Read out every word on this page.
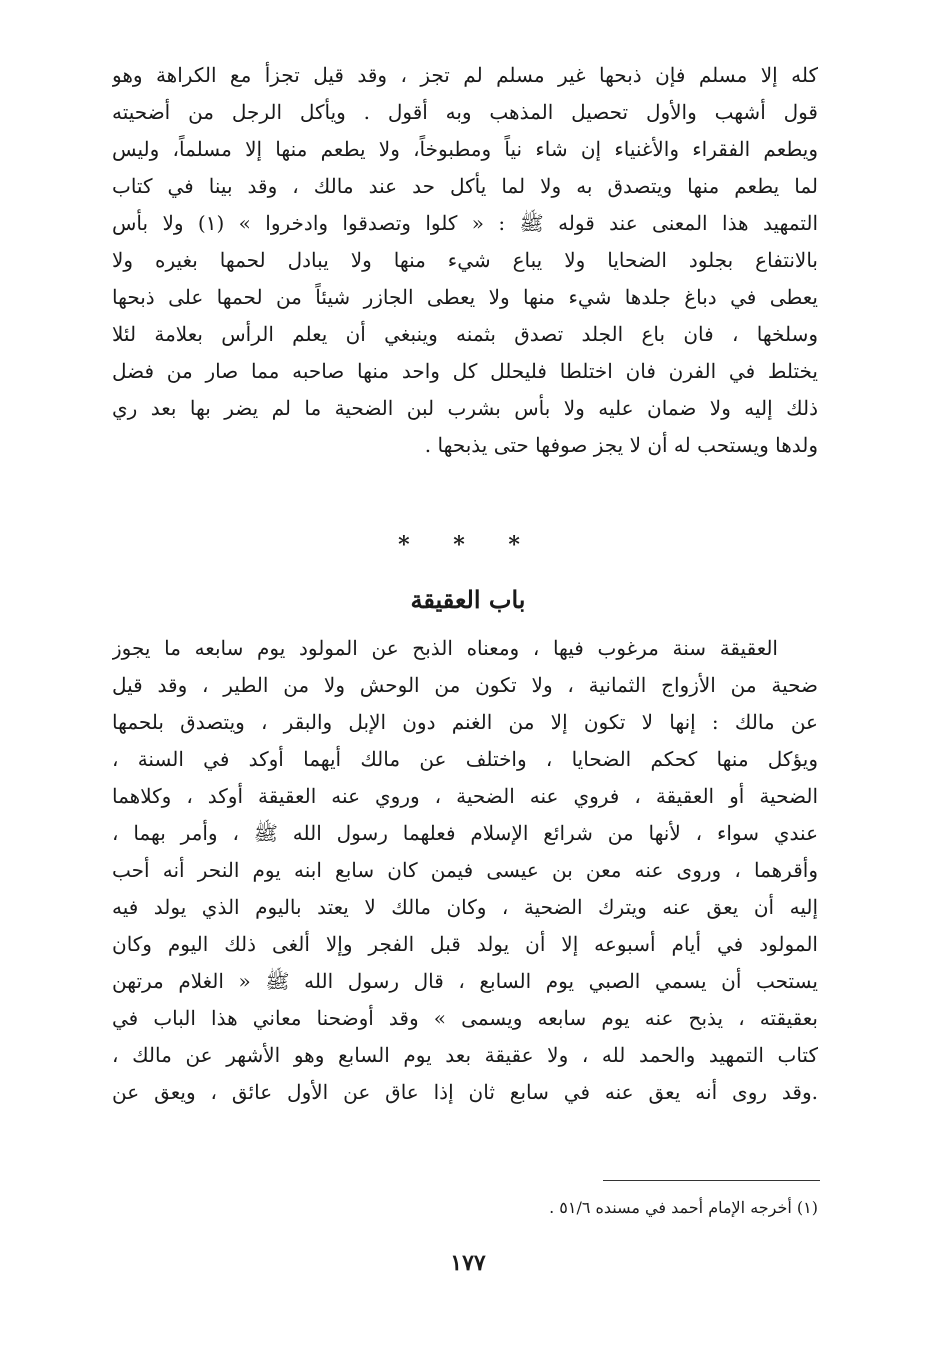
كله إلا مسلم فإن ذبحها غير مسلم لم تجز ، وقد قيل تجزأ مع الكراهة وهو
قول أشهب والأول تحصيل المذهب وبه أقول . ويأكل الرجل من أضحيته
ويطعم الفقراء والأغنياء إن شاء نياً ومطبوخاً، ولا يطعم منها إلا مسلماً، وليس
لما يطعم منها ويتصدق به ولا لما يأكل حد عند مالك ، وقد بينا في كتاب
التمهيد هذا المعنى عند قوله ﷺ : « كلوا وتصدقوا وادخروا » (١) ولا بأس
بالانتفاع بجلود الضحايا ولا يباع شيء منها ولا يبادل لحمها بغيره ولا
يعطى في دباغ جلدها شيء منها ولا يعطى الجازر شيئاً من لحمها على ذبحها
وسلخها ، فان باع الجلد تصدق بثمنه وينبغي أن يعلم الرأس بعلامة لئلا
يختلط في الفرن فان اختلطا فليحلل كل واحد منها صاحبه مما صار من فضل
ذلك إليه ولا ضمان عليه ولا بأس بشرب لبن الضحية ما لم يضر بها بعد ري
ولدها ويستحب له أن لا يجز صوفها حتى يذبحها .
* * *
باب العقيقة
العقيقة سنة مرغوب فيها ، ومعناه الذبح عن المولود يوم سابعه ما يجوز
ضحية من الأزواج الثمانية ، ولا تكون من الوحش ولا من الطير ، وقد قيل
عن مالك : إنها لا تكون إلا من الغنم دون الإبل والبقر ، ويتصدق بلحمها
ويؤكل منها كحكم الضحايا ، واختلف عن مالك أيهما أوكد في السنة ،
الضحية أو العقيقة ، فروي عنه الضحية ، وروي عنه العقيقة أوكد ، وكلاهما
عندي سواء ، لأنها من شرائع الإسلام فعلهما رسول الله ﷺ ، وأمر بهما ،
وأقرهما ، وروى عنه معن بن عيسى فيمن كان سابع ابنه يوم النحر أنه أحب
إليه أن يعق عنه ويترك الضحية ، وكان مالك لا يعتد باليوم الذي يولد فيه
المولود في أيام أسبوعه إلا أن يولد قبل الفجر وإلا ألغى ذلك اليوم وكان
يستحب أن يسمي الصبي يوم السابع ، قال رسول الله ﷺ « الغلام مرتهن
بعقيقته ، يذبح عنه يوم سابعه ويسمى » وقد أوضحنا معاني هذا الباب في
كتاب التمهيد والحمد لله ، ولا عقيقة بعد يوم السابع وهو الأشهر عن مالك ،
.وقد روى أنه يعق عنه في سابع ثان إذا عاق عن الأول عائق ، ويعق عن
(١) أخرجه الإمام أحمد في مسنده ٥١/٦ .
١٧٧
